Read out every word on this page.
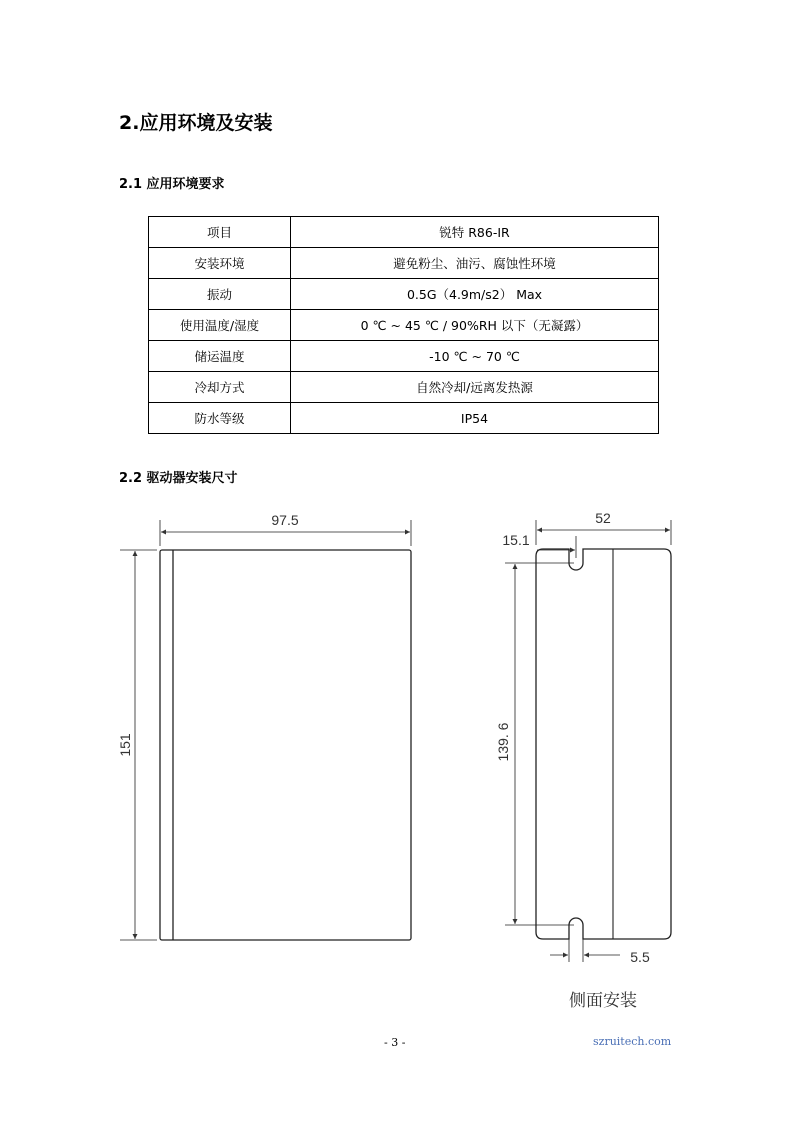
2.应用环境及安装
2.1 应用环境要求
项目	锐特 R86-IR
安装环境	避免粉尘、油污、腐蚀性环境
振动	0.5G（4.9m/s2） Max
使用温度/湿度	0 ℃ ~ 45 ℃ / 90%RH 以下（无凝露）
储运温度	-10 ℃ ~ 70 ℃
冷却方式	自然冷却/远离发热源
防水等级	IP54
2.2 驱动器安装尺寸
97.5
151
52
15.1
139. 6
5.5
侧面安装
- 3 -	szruitech.com
